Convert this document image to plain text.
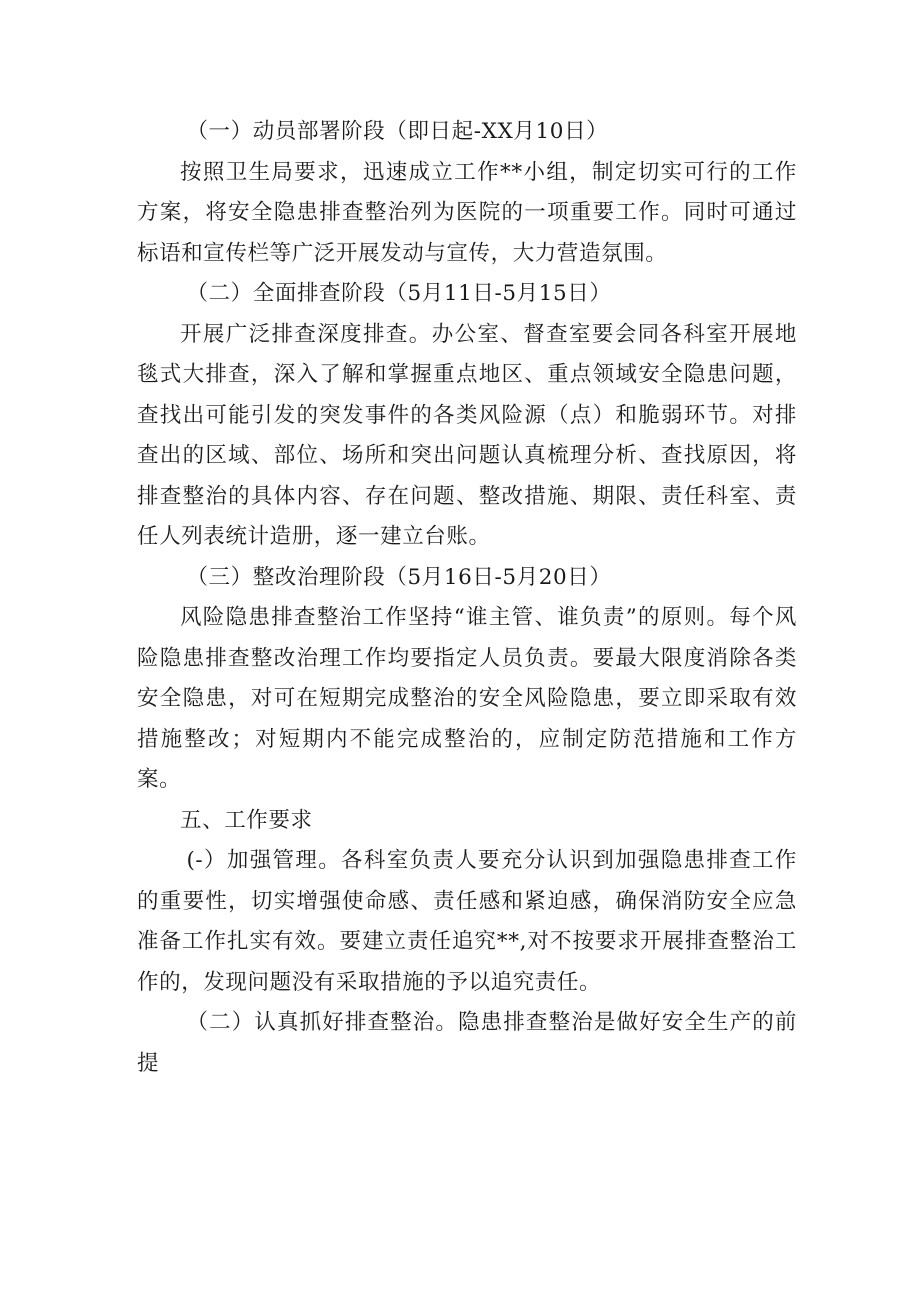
（一）动员部署阶段（即日起-XX月10日）

按照卫生局要求，迅速成立工作**小组，制定切实可行的工作方案，将安全隐患排查整治列为医院的一项重要工作。同时可通过标语和宣传栏等广泛开展发动与宣传，大力营造氛围。

（二）全面排查阶段（5月11日-5月15日）

开展广泛排查深度排查。办公室、督查室要会同各科室开展地毯式大排查，深入了解和掌握重点地区、重点领域安全隐患问题，查找出可能引发的突发事件的各类风险源（点）和脆弱环节。对排查出的区域、部位、场所和突出问题认真梳理分析、查找原因，将排查整治的具体内容、存在问题、整改措施、期限、责任科室、责任人列表统计造册，逐一建立台账。

（三）整改治理阶段（5月16日-5月20日）

风险隐患排查整治工作坚持“谁主管、谁负责”的原则。每个风险隐患排查整改治理工作均要指定人员负责。要最大限度消除各类安全隐患，对可在短期完成整治的安全风险隐患，要立即采取有效措施整改；对短期内不能完成整治的，应制定防范措施和工作方案。

五、工作要求

(-）加强管理。各科室负责人要充分认识到加强隐患排查工作的重要性，切实增强使命感、责任感和紧迫感，确保消防安全应急准备工作扎实有效。要建立责任追究**,对不按要求开展排查整治工作的，发现问题没有采取措施的予以追究责任。

（二）认真抓好排查整治。隐患排查整治是做好安全生产的前提
